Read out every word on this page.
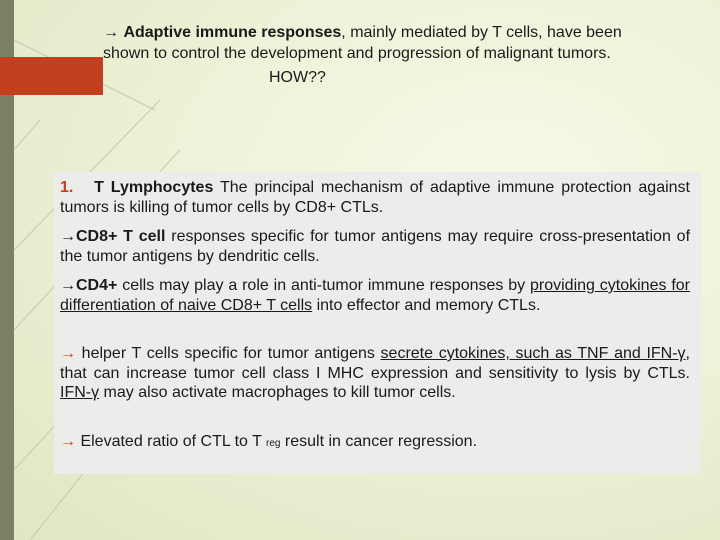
→ Adaptive immune responses, mainly mediated by T cells, have been shown to control the development and progression of malignant tumors.
HOW??
1. T Lymphocytes The principal mechanism of adaptive immune protection against tumors is killing of tumor cells by CD8+ CTLs.
→CD8+ T cell responses specific for tumor antigens may require cross-presentation of the tumor antigens by dendritic cells.
→CD4+ cells may play a role in anti-tumor immune responses by providing cytokines for differentiation of naive CD8+ T cells into effector and memory CTLs.
→ helper T cells specific for tumor antigens secrete cytokines, such as TNF and IFN-γ, that can increase tumor cell class I MHC expression and sensitivity to lysis by CTLs. IFN-γ may also activate macrophages to kill tumor cells.
→ Elevated ratio of CTL to T reg result in cancer regression.
